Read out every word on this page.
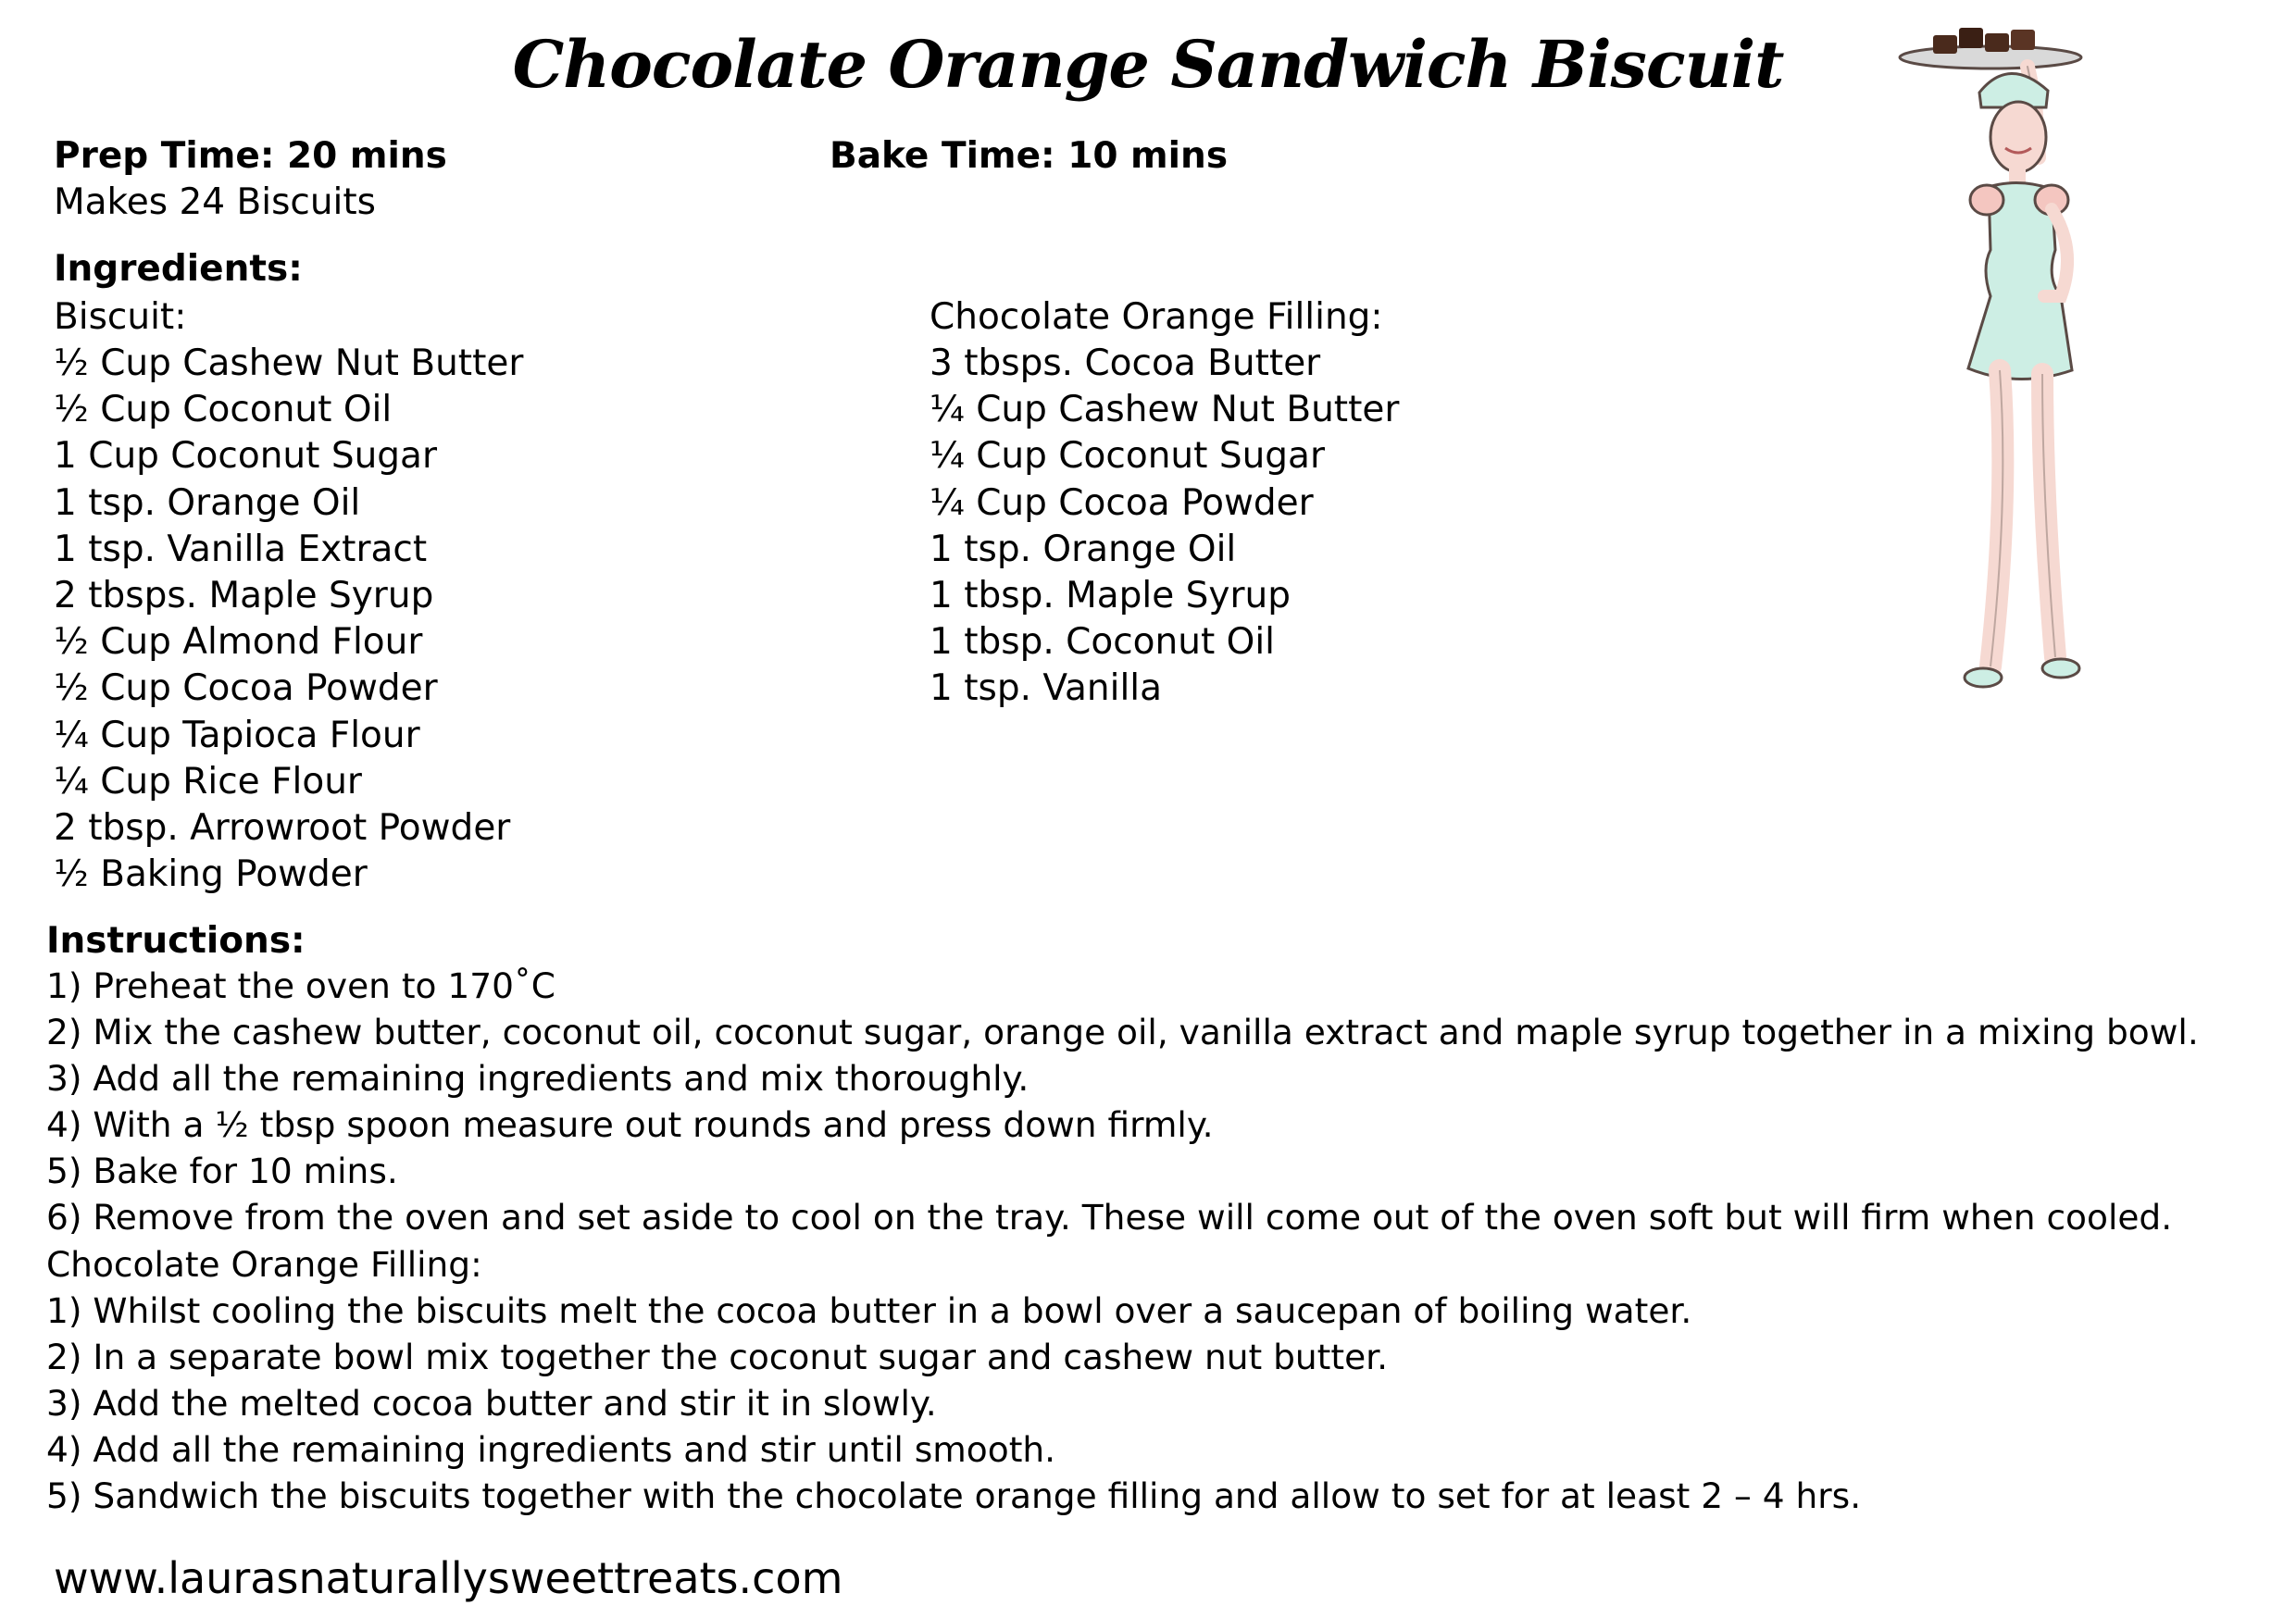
Chocolate Orange Sandwich Biscuit
Prep Time: 20 mins	Bake Time: 10 mins
Makes 24 Biscuits
Ingredients:
Biscuit:
½ Cup Cashew Nut Butter
½ Cup Coconut Oil
1 Cup Coconut Sugar
1 tsp. Orange Oil
1 tsp. Vanilla Extract
2 tbsps. Maple Syrup
½ Cup Almond Flour
½ Cup Cocoa Powder
¼ Cup Tapioca Flour
¼ Cup Rice Flour
2 tbsp. Arrowroot Powder
½ Baking Powder
Chocolate Orange Filling:
3 tbsps. Cocoa Butter
¼ Cup Cashew Nut Butter
¼ Cup Coconut Sugar
¼ Cup Cocoa Powder
1 tsp. Orange Oil
1 tbsp. Maple Syrup
1 tbsp. Coconut Oil
1 tsp. Vanilla
Instructions:
1) Preheat the oven to 170˚C
2) Mix the cashew butter, coconut oil, coconut sugar, orange oil, vanilla extract and maple syrup together in a mixing bowl.
3) Add all the remaining ingredients and mix thoroughly.
4) With a ½ tbsp spoon measure out rounds and press down firmly.
5) Bake for 10 mins.
6) Remove from the oven and set aside to cool on the tray. These will come out of the oven soft but will firm when cooled.
Chocolate Orange Filling:
1) Whilst cooling the biscuits melt the cocoa butter in a bowl over a saucepan of boiling water.
2) In a separate bowl mix together the coconut sugar and cashew nut butter.
3) Add the melted cocoa butter and stir it in slowly.
4) Add all the remaining ingredients and stir until smooth.
5) Sandwich the biscuits together with the chocolate orange filling and allow to set for at least 2 – 4 hrs.
www.laurasnaturallysweettreats.com
